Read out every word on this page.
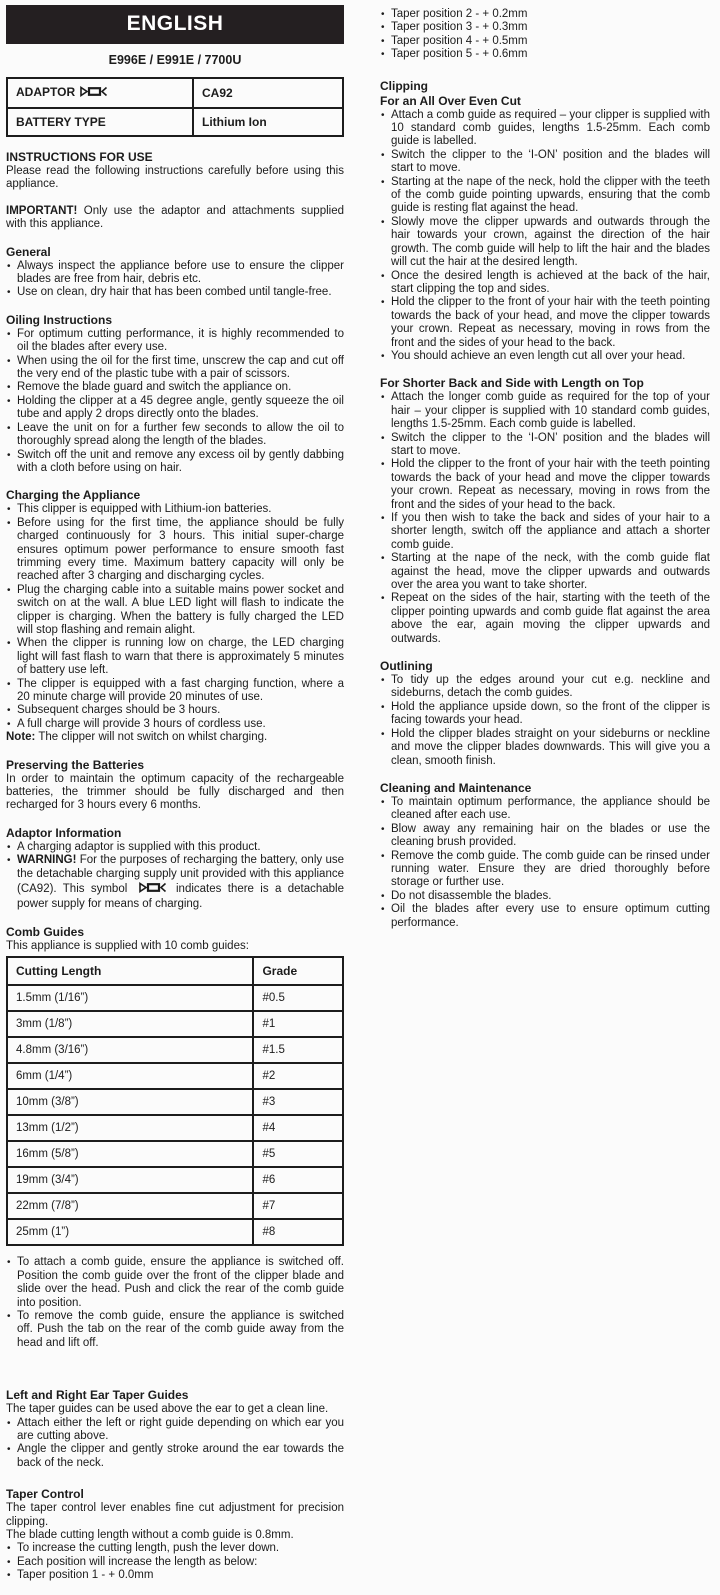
ENGLISH
E996E / E991E / 7700U
ADAPTOR	CA92
BATTERY TYPE	Lithium Ion
INSTRUCTIONS FOR USE
Please read the following instructions carefully before using this appliance.
IMPORTANT! Only use the adaptor and attachments supplied with this appliance.
General
• Always inspect the appliance before use to ensure the clipper blades are free from hair, debris etc.
• Use on clean, dry hair that has been combed until tangle-free.
Oiling Instructions
• For optimum cutting performance, it is highly recommended to oil the blades after every use.
• When using the oil for the first time, unscrew the cap and cut off the very end of the plastic tube with a pair of scissors.
• Remove the blade guard and switch the appliance on.
• Holding the clipper at a 45 degree angle, gently squeeze the oil tube and apply 2 drops directly onto the blades.
• Leave the unit on for a further few seconds to allow the oil to thoroughly spread along the length of the blades.
• Switch off the unit and remove any excess oil by gently dabbing with a cloth before using on hair.
Charging the Appliance
• This clipper is equipped with Lithium-ion batteries.
• Before using for the first time, the appliance should be fully charged continuously for 3 hours. This initial super-charge ensures optimum power performance to ensure smooth fast trimming every time. Maximum battery capacity will only be reached after 3 charging and discharging cycles.
• Plug the charging cable into a suitable mains power socket and switch on at the wall. A blue LED light will flash to indicate the clipper is charging. When the battery is fully charged the LED will stop flashing and remain alight.
• When the clipper is running low on charge, the LED charging light will fast flash to warn that there is approximately 5 minutes of battery use left.
• The clipper is equipped with a fast charging function, where a 20 minute charge will provide 20 minutes of use.
• Subsequent charges should be 3 hours.
• A full charge will provide 3 hours of cordless use.
Note: The clipper will not switch on whilst charging.
Preserving the Batteries
In order to maintain the optimum capacity of the rechargeable batteries, the trimmer should be fully discharged and then recharged for 3 hours every 6 months.
Adaptor Information
• A charging adaptor is supplied with this product.
• WARNING! For the purposes of recharging the battery, only use the detachable charging supply unit provided with this appliance (CA92). This symbol	indicates there is a detachable power supply for means of charging.
Comb Guides
This appliance is supplied with 10 comb guides:
Cutting Length	Grade
1.5mm (1/16”)	#0.5
3mm (1/8”)	#1
4.8mm (3/16”)	#1.5
6mm (1/4”)	#2
10mm (3/8”)	#3
13mm (1/2”)	#4
16mm (5/8”)	#5
19mm (3/4”)	#6
22mm (7/8”)	#7
25mm (1”)	#8
• To attach a comb guide, ensure the appliance is switched off. Position the comb guide over the front of the clipper blade and slide over the head. Push and click the rear of the comb guide into position.
• To remove the comb guide, ensure the appliance is switched off. Push the tab on the rear of the comb guide away from the head and lift off.
Left and Right Ear Taper Guides
The taper guides can be used above the ear to get a clean line.
• Attach either the left or right guide depending on which ear you are cutting above.
• Angle the clipper and gently stroke around the ear towards the back of the neck.
Taper Control
The taper control lever enables fine cut adjustment for precision clipping.
The blade cutting length without a comb guide is 0.8mm.
• To increase the cutting length, push the lever down.
• Each position will increase the length as below:
• Taper position 1 - + 0.0mm
• Taper position 2 - + 0.2mm
• Taper position 3 - + 0.3mm
• Taper position 4 - + 0.5mm
• Taper position 5 - + 0.6mm
Clipping
For an All Over Even Cut
• Attach a comb guide as required – your clipper is supplied with 10 standard comb guides, lengths 1.5-25mm. Each comb guide is labelled.
• Switch the clipper to the ‘I-ON’ position and the blades will start to move.
• Starting at the nape of the neck, hold the clipper with the teeth of the comb guide pointing upwards, ensuring that the comb guide is resting flat against the head.
• Slowly move the clipper upwards and outwards through the hair towards your crown, against the direction of the hair growth. The comb guide will help to lift the hair and the blades will cut the hair at the desired length.
• Once the desired length is achieved at the back of the hair, start clipping the top and sides.
• Hold the clipper to the front of your hair with the teeth pointing towards the back of your head, and move the clipper towards your crown. Repeat as necessary, moving in rows from the front and the sides of your head to the back.
• You should achieve an even length cut all over your head.
For Shorter Back and Side with Length on Top
• Attach the longer comb guide as required for the top of your hair – your clipper is supplied with 10 standard comb guides, lengths 1.5-25mm. Each comb guide is labelled.
• Switch the clipper to the ‘I-ON’ position and the blades will start to move.
• Hold the clipper to the front of your hair with the teeth pointing towards the back of your head and move the clipper towards your crown. Repeat as necessary, moving in rows from the front and the sides of your head to the back.
• If you then wish to take the back and sides of your hair to a shorter length, switch off the appliance and attach a shorter comb guide.
• Starting at the nape of the neck, with the comb guide flat against the head, move the clipper upwards and outwards over the area you want to take shorter.
• Repeat on the sides of the hair, starting with the teeth of the clipper pointing upwards and comb guide flat against the area above the ear, again moving the clipper upwards and outwards.
Outlining
• To tidy up the edges around your cut e.g. neckline and sideburns, detach the comb guides.
• Hold the appliance upside down, so the front of the clipper is facing towards your head.
• Hold the clipper blades straight on your sideburns or neckline and move the clipper blades downwards. This will give you a clean, smooth finish.
Cleaning and Maintenance
• To maintain optimum performance, the appliance should be cleaned after each use.
• Blow away any remaining hair on the blades or use the cleaning brush provided.
• Remove the comb guide. The comb guide can be rinsed under running water. Ensure they are dried thoroughly before storage or further use.
• Do not disassemble the blades.
• Oil the blades after every use to ensure optimum cutting performance.
